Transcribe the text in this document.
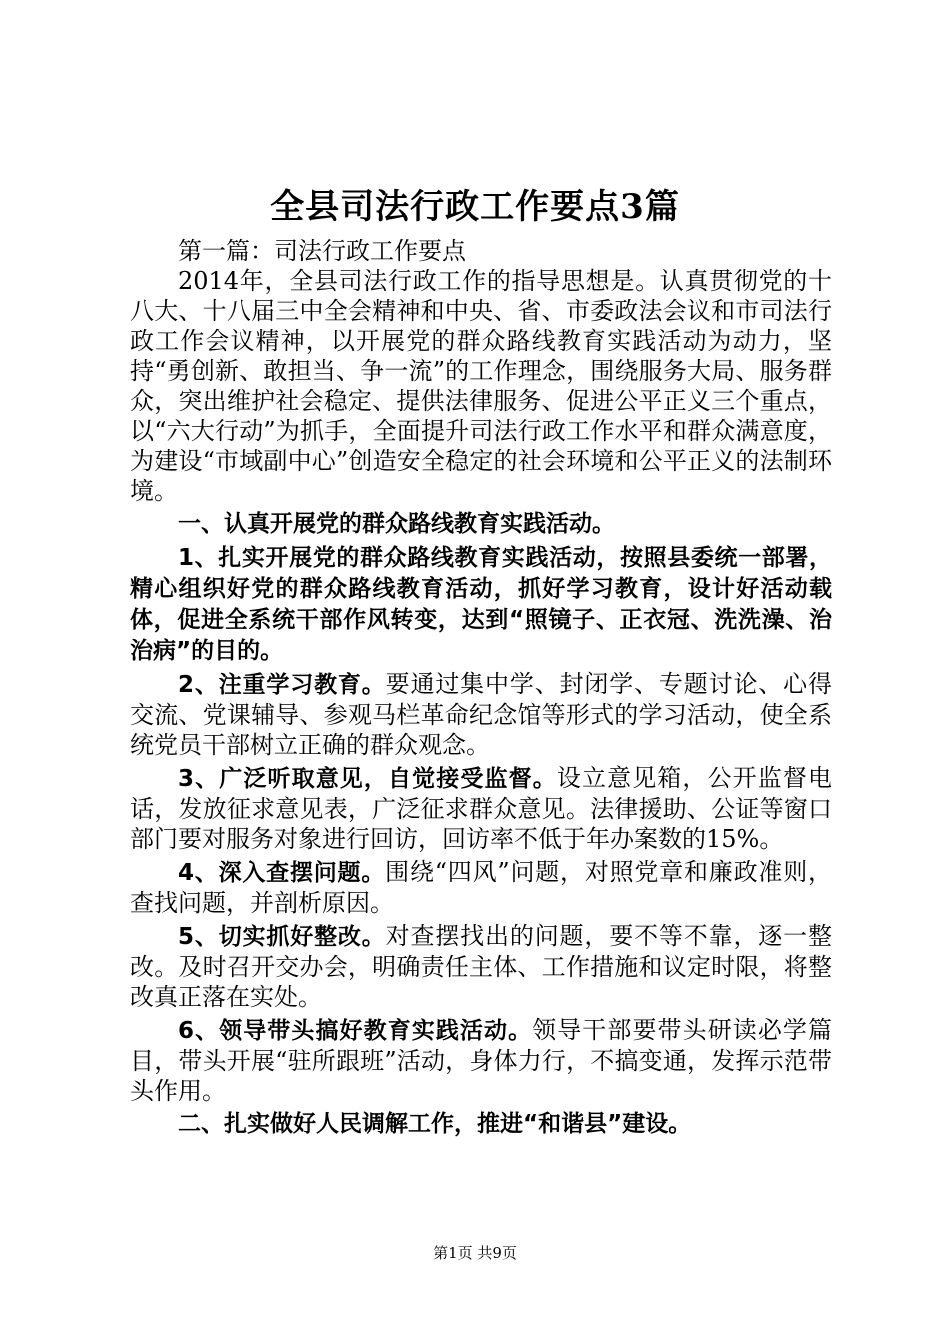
全县司法行政工作要点3篇

第一篇：司法行政工作要点

2014年，全县司法行政工作的指导思想是。认真贯彻党的十八大、十八届三中全会精神和中央、省、市委政法会议和市司法行政工作会议精神，以开展党的群众路线教育实践活动为动力，坚持“勇创新、敢担当、争一流”的工作理念，围绕服务大局、服务群众，突出维护社会稳定、提供法律服务、促进公平正义三个重点，以“六大行动”为抓手，全面提升司法行政工作水平和群众满意度，为建设“市域副中心”创造安全稳定的社会环境和公平正义的法制环境。

一、认真开展党的群众路线教育实践活动。

1、扎实开展党的群众路线教育实践活动，按照县委统一部署，精心组织好党的群众路线教育活动，抓好学习教育，设计好活动载体，促进全系统干部作风转变，达到“照镜子、正衣冠、洗洗澡、治治病”的目的。

2、注重学习教育。要通过集中学、封闭学、专题讨论、心得交流、党课辅导、参观马栏革命纪念馆等形式的学习活动，使全系统党员干部树立正确的群众观念。

3、广泛听取意见，自觉接受监督。设立意见箱，公开监督电话，发放征求意见表，广泛征求群众意见。法律援助、公证等窗口部门要对服务对象进行回访，回访率不低于年办案数的15%。

4、深入查摆问题。围绕“四风”问题，对照党章和廉政准则，查找问题，并剖析原因。

5、切实抓好整改。对查摆找出的问题，要不等不靠，逐一整改。及时召开交办会，明确责任主体、工作措施和议定时限，将整改真正落在实处。

6、领导带头搞好教育实践活动。领导干部要带头研读必学篇目，带头开展“驻所跟班”活动，身体力行，不搞变通，发挥示范带头作用。

二、扎实做好人民调解工作，推进“和谐县”建设。

第1页 共9页
